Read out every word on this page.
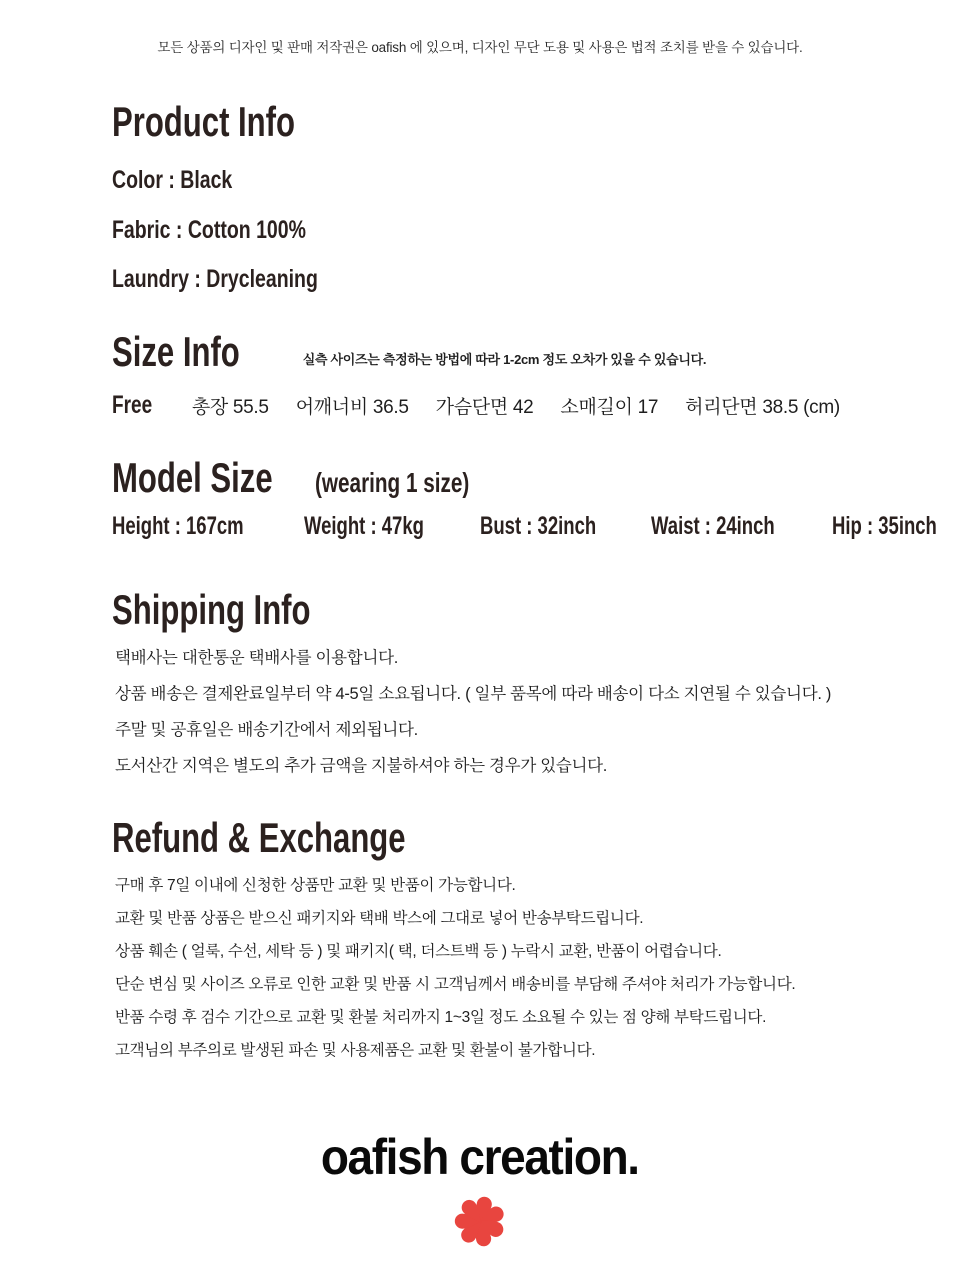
모든 상품의 디자인 및 판매 저작권은 oafish 에 있으며, 디자인 무단 도용 및 사용은 법적 조치를 받을 수 있습니다.
Product Info
Color : Black
Fabric : Cotton 100%
Laundry : Drycleaning
Size Info	실측 사이즈는 측정하는 방법에 따라 1-2cm 정도 오차가 있을 수 있습니다.
Free 총장 55.5 어깨너비 36.5 가슴단면 42 소매길이 17 허리단면 38.5 (cm)
Model Size (wearing 1 size)
Height : 167cm Weight : 47kg Bust : 32inch Waist : 24inch Hip : 35inch
Shipping Info
택배사는 대한통운 택배사를 이용합니다.
상품 배송은 결제완료일부터 약 4-5일 소요됩니다. ( 일부 품목에 따라 배송이 다소 지연될 수 있습니다. )
주말 및 공휴일은 배송기간에서 제외됩니다.
도서산간 지역은 별도의 추가 금액을 지불하셔야 하는 경우가 있습니다.
Refund & Exchange
구매 후 7일 이내에 신청한 상품만 교환 및 반품이 가능합니다.
교환 및 반품 상품은 받으신 패키지와 택배 박스에 그대로 넣어 반송부탁드립니다.
상품 훼손 ( 얼룩, 수선, 세탁 등 ) 및 패키지( 택, 더스트백 등 ) 누락시 교환, 반품이 어렵습니다.
단순 변심 및 사이즈 오류로 인한 교환 및 반품 시 고객님께서 배송비를 부담해 주셔야 처리가 가능합니다.
반품 수령 후 검수 기간으로 교환 및 환불 처리까지 1~3일 정도 소요될 수 있는 점 양해 부탁드립니다.
고객님의 부주의로 발생된 파손 및 사용제품은 교환 및 환불이 불가합니다.
oafish creation.
